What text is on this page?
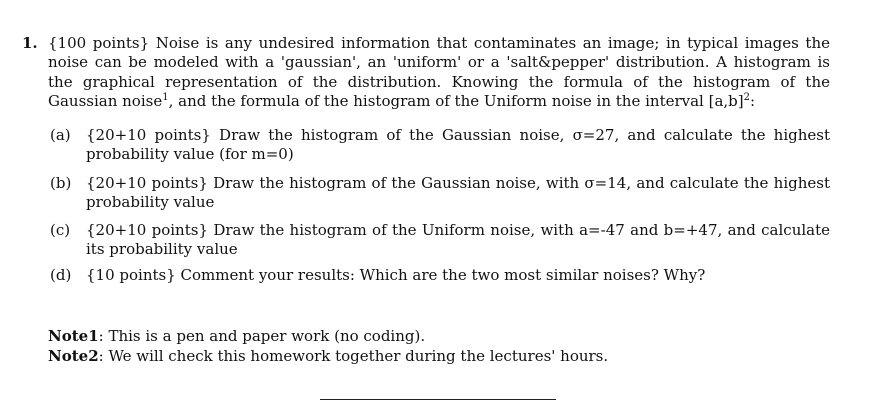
1. {100 points} Noise is any undesired information that contaminates an image; in typical images the noise can be modeled with a 'gaussian', an 'uniform' or a 'salt&pepper' distribution. A histogram is the graphical representation of the distribution. Knowing the formula of the histogram of the Gaussian noise$^1$, and the formula of the histogram of the Uniform noise in the interval $[a,b]^2$:
(a) {20+10 points} Draw the histogram of the Gaussian noise, σ=27, and calculate the highest probability value (for m=0)
(b) {20+10 points} Draw the histogram of the Gaussian noise, with σ=14, and calculate the highest probability value
(c) {20+10 points} Draw the histogram of the Uniform noise, with a=-47 and b=+47, and calculate its probability value
(d) {10 points} Comment your results: Which are the two most similar noises? Why?
Note1: This is a pen and paper work (no coding).
Note2: We will check this homework together during the lectures' hours.
